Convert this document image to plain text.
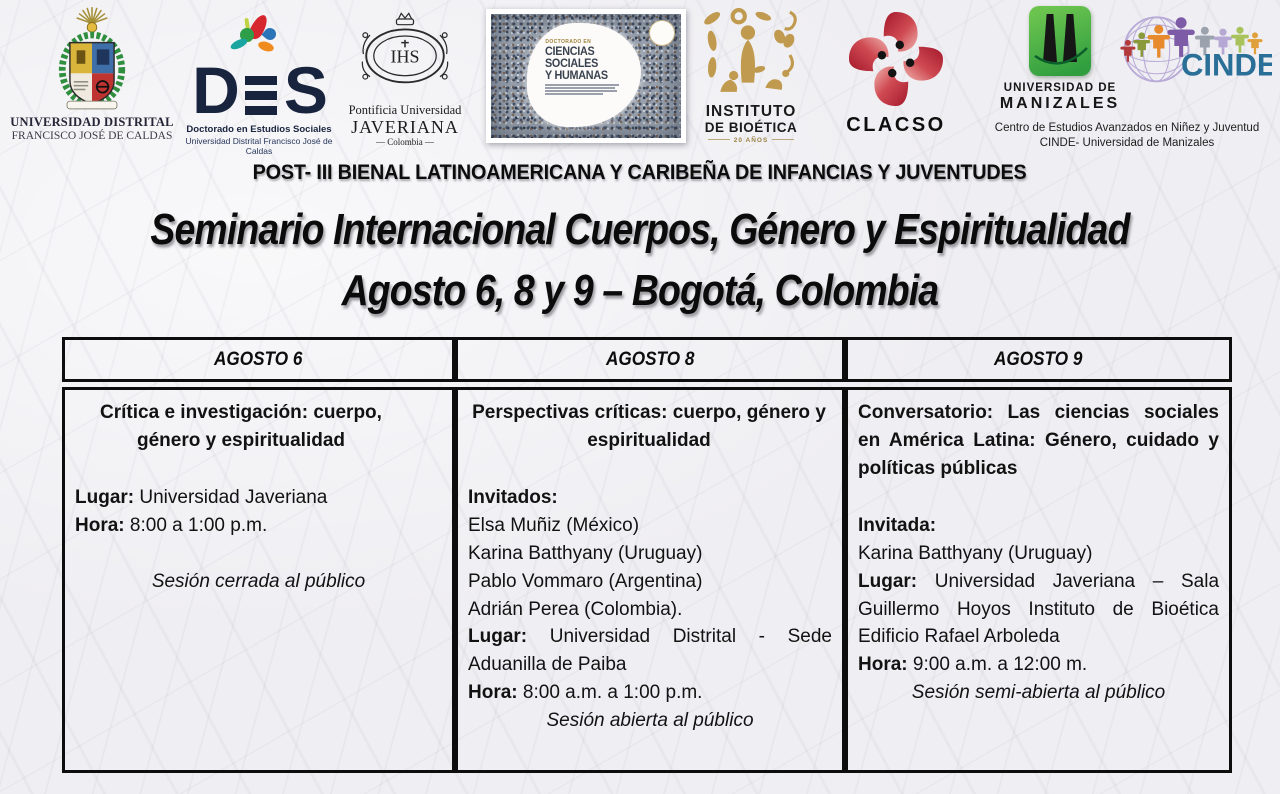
UNIVERSIDAD DISTRITAL
FRANCISCO JOSÉ DE CALDAS
D S
Doctorado en Estudios Sociales
Universidad Distrital Francisco José de Caldas
IHS
Pontificia Universidad
JAVERIANA
— Colombia —
DOCTORADO EN
CIENCIAS
SOCIALES
Y HUMANAS
INSTITUTO
DE BIOÉTICA
20 AÑOS
CLACSO
UNIVERSIDAD DE
MANIZALES
CINDE
Centro de Estudios Avanzados en Niñez y Juventud
CINDE- Universidad de Manizales
POST- III BIENAL LATINOAMERICANA Y CARIBEÑA DE INFANCIAS Y JUVENTUDES
Seminario Internacional Cuerpos, Género y Espiritualidad
Agosto 6, 8 y 9 – Bogotá, Colombia
AGOSTO 6	AGOSTO 8	AGOSTO 9

Crítica e investigación: cuerpo, género y espiritualidad

Lugar: Universidad Javeriana

Hora: 8:00 a 1:00 p.m.

Sesión cerrada al público

Perspectivas críticas: cuerpo, género y espiritualidad

Invitados:

Elsa Muñiz (México)

Karina Batthyany (Uruguay)

Pablo Vommaro (Argentina)

Adrián Perea (Colombia).

Lugar: Universidad Distrital - Sede Aduanilla de Paiba

Hora: 8:00 a.m. a 1:00 p.m.

Sesión abierta al público

Conversatorio: Las ciencias sociales en América Latina: Género, cuidado y políticas públicas

Invitada:

Karina Batthyany (Uruguay)

Lugar: Universidad Javeriana – Sala Guillermo Hoyos Instituto de Bioética Edificio Rafael Arboleda

Hora: 9:00 a.m. a 12:00 m.

Sesión semi-abierta al público
